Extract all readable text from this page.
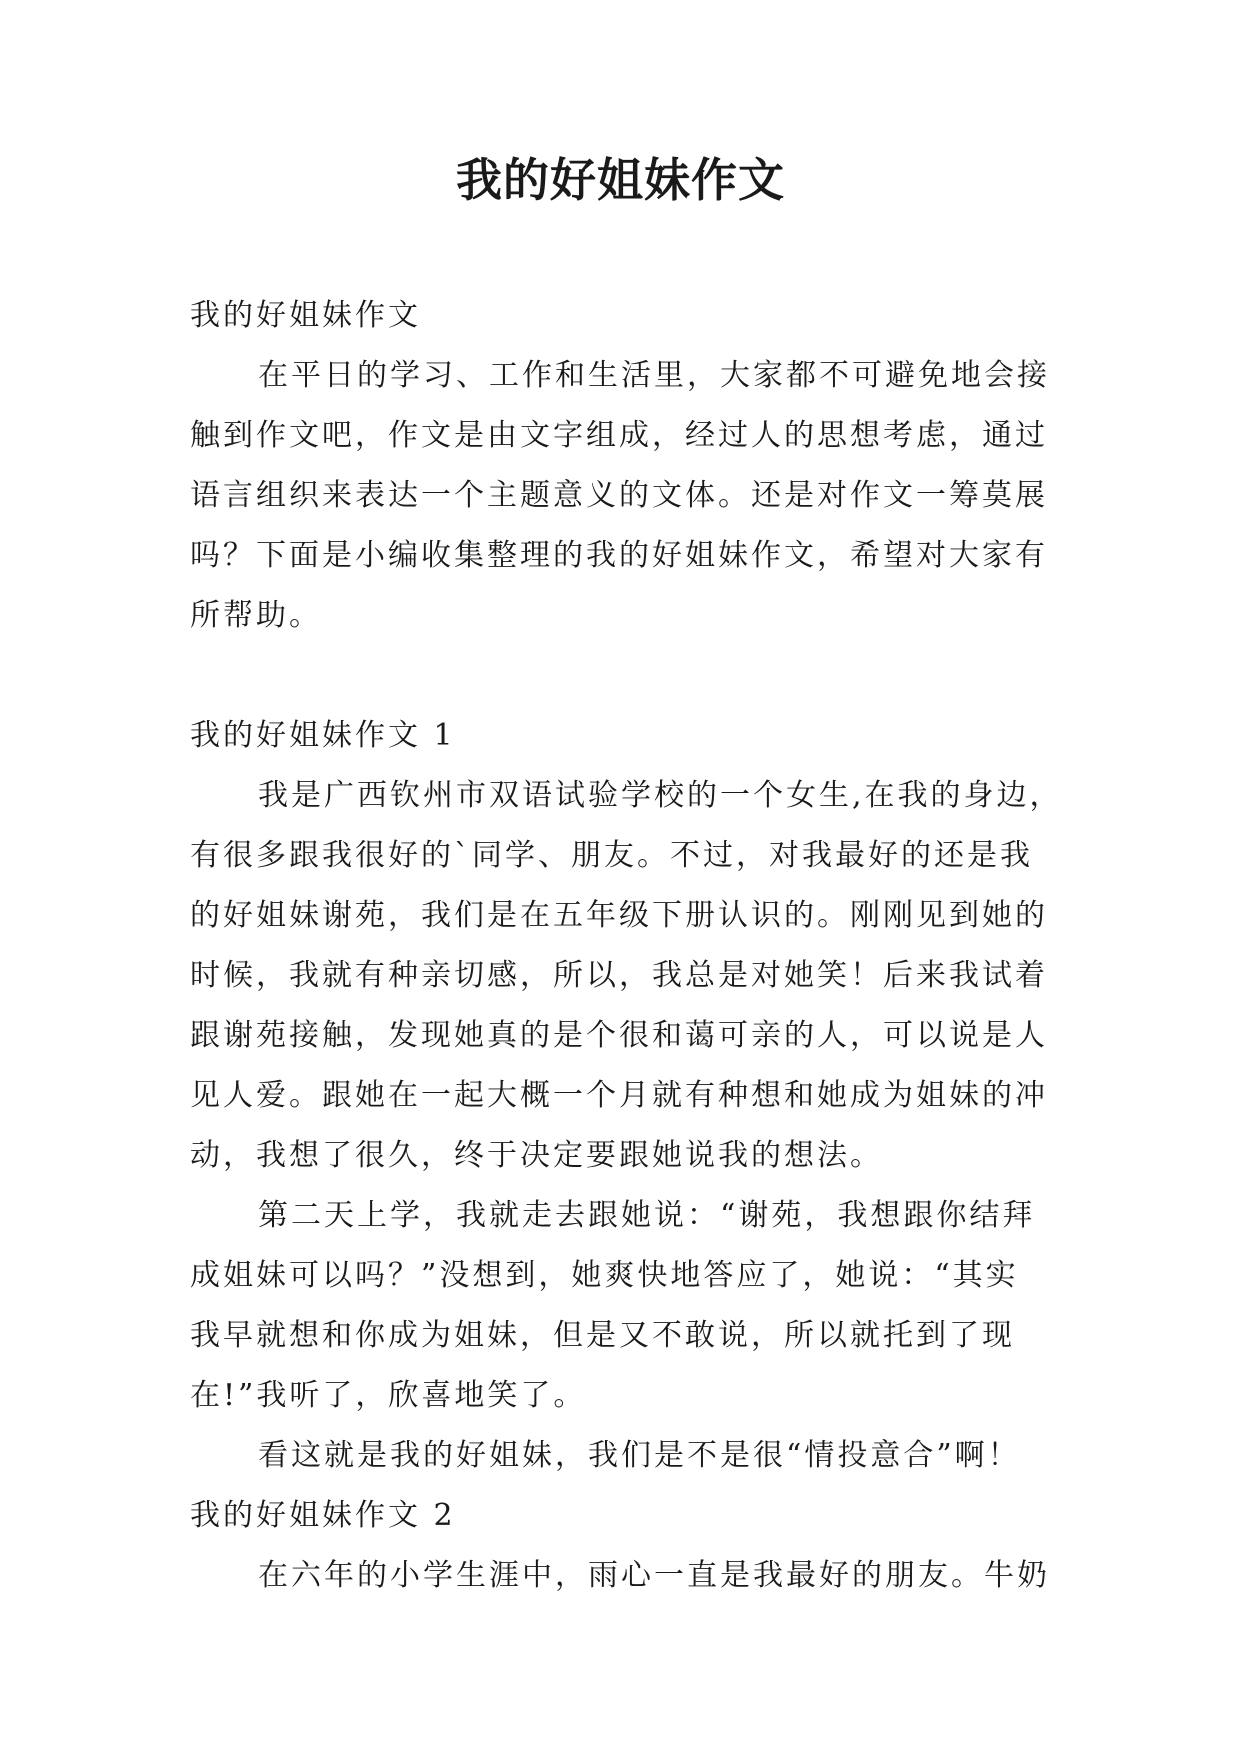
我的好姐妹作文
我的好姐妹作文
在平日的学习、工作和生活里，大家都不可避免地会接
触到作文吧，作文是由文字组成，经过人的思想考虑，通过
语言组织来表达一个主题意义的文体。还是对作文一筹莫展
吗？下面是小编收集整理的我的好姐妹作文，希望对大家有
所帮助。
我的好姐妹作文 1
我是广西钦州市双语试验学校的一个女生,在我的身边，
有很多跟我很好的`同学、朋友。不过，对我最好的还是我
的好姐妹谢苑，我们是在五年级下册认识的。刚刚见到她的
时候，我就有种亲切感，所以，我总是对她笑！后来我试着
跟谢苑接触，发现她真的是个很和蔼可亲的人，可以说是人
见人爱。跟她在一起大概一个月就有种想和她成为姐妹的冲
动，我想了很久，终于决定要跟她说我的想法。
第二天上学，我就走去跟她说：“谢苑，我想跟你结拜
成姐妹可以吗？”没想到，她爽快地答应了，她说：“其实
我早就想和你成为姐妹，但是又不敢说，所以就托到了现
在!”我听了，欣喜地笑了。
看这就是我的好姐妹，我们是不是很“情投意合”啊！
我的好姐妹作文 2
在六年的小学生涯中，雨心一直是我最好的朋友。牛奶
